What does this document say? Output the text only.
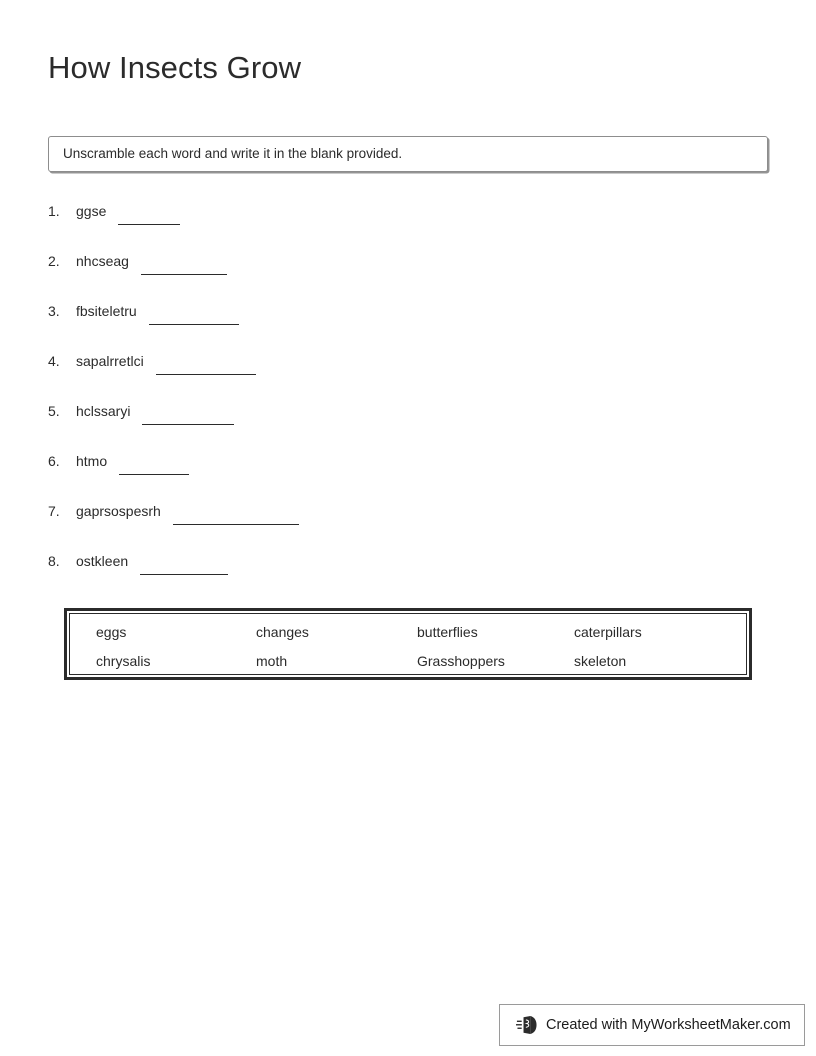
How Insects Grow
Unscramble each word and write it in the blank provided.
1.	ggse
2.	nhcseag
3.	fbsiteletru
4.	sapalrretlci
5.	hclssaryi
6.	htmo
7.	gaprsospesrh
8.	ostkleen
eggs	changes	butterflies	caterpillars
chrysalis	moth	Grasshoppers	skeleton
Created with MyWorksheetMaker.com
